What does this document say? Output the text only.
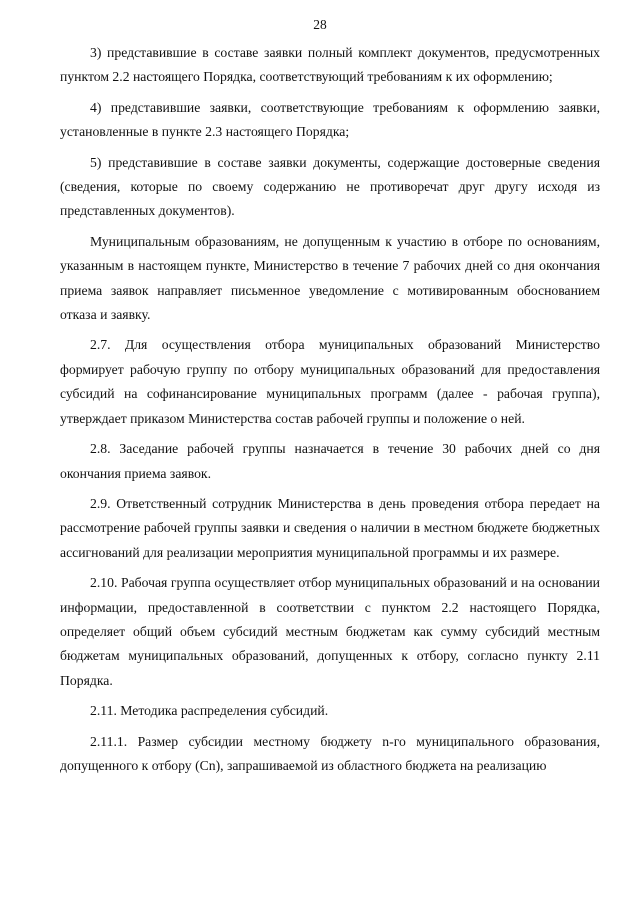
28

3) представившие в составе заявки полный комплект документов, предусмотренных пунктом 2.2 настоящего Порядка, соответствующий требованиям к их оформлению;

4) представившие заявки, соответствующие требованиям к оформлению заявки, установленные в пункте 2.3 настоящего Порядка;

5) представившие в составе заявки документы, содержащие достоверные сведения (сведения, которые по своему содержанию не противоречат друг другу исходя из представленных документов).

Муниципальным образованиям, не допущенным к участию в отборе по основаниям, указанным в настоящем пункте, Министерство в течение 7 рабочих дней со дня окончания приема заявок направляет письменное уведомление с мотивированным обоснованием отказа и заявку.

2.7. Для осуществления отбора муниципальных образований Министерство формирует рабочую группу по отбору муниципальных образований для предоставления субсидий на софинансирование муниципальных программ (далее - рабочая группа), утверждает приказом Министерства состав рабочей группы и положение о ней.

2.8. Заседание рабочей группы назначается в течение 30 рабочих дней со дня окончания приема заявок.

2.9. Ответственный сотрудник Министерства в день проведения отбора передает на рассмотрение рабочей группы заявки и сведения о наличии в местном бюджете бюджетных ассигнований для реализации мероприятия муниципальной программы и их размере.

2.10. Рабочая группа осуществляет отбор муниципальных образований и на основании информации, предоставленной в соответствии с пунктом 2.2 настоящего Порядка, определяет общий объем субсидий местным бюджетам как сумму субсидий местным бюджетам муниципальных образований, допущенных к отбору, согласно пункту 2.11 Порядка.

2.11. Методика распределения субсидий.

2.11.1. Размер субсидии местному бюджету n-го муниципального образования, допущенного к отбору (Cn), запрашиваемой из областного бюджета на реализацию
